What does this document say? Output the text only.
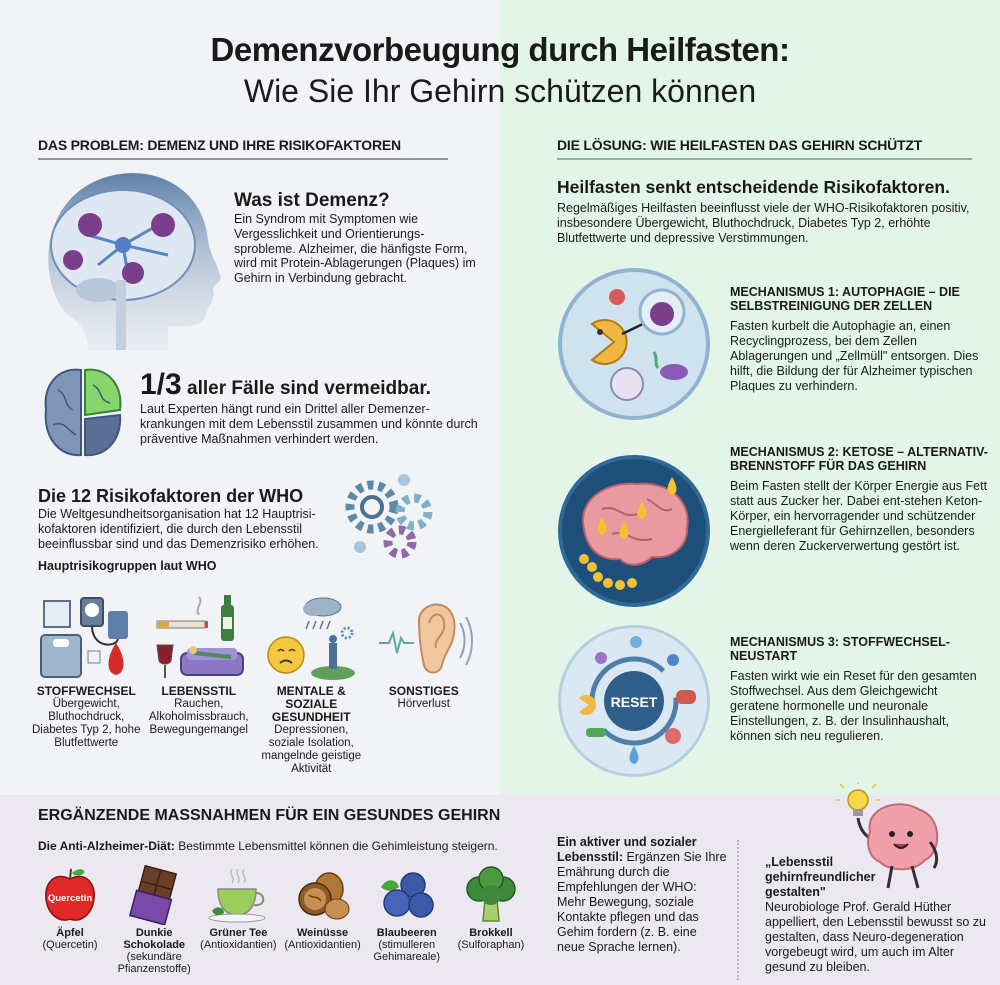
Demenzvorbeugung durch Heilfasten:
Wie Sie Ihr Gehirn schützen können
DAS PROBLEM: DEMENZ UND IHRE RISIKOFAKTOREN	DIE LÖSUNG: WIE HEILFASTEN DAS GEHIRN SCHÜTZT
Was ist Demenz?

Ein Syndrom mit Symptomen wie Vergesslichkeit und Orientierungs-sprobleme. Alzheimer, die hänfigste Form, wird mit Protein-Ablagerungen (Plaques) im Gehirn in Verbindung gebracht.

1/3 aller Fälle sind vermeidbar.

Laut Experten hängt rund ein Drittel aller Demenzer-krankungen mit dem Lebensstil zusammen und könnte durch präventive Maßnahmen verhindert werden.

Die 12 Risikofaktoren der WHO

Die Weltgesundheitsorganisation hat 12 Hauptrisi-kofaktoren identifiziert, die durch den Lebensstil beeinflussbar sind und das Demenzrisiko erhöhen.

Hauptrisikogruppen laut WHO

STOFFWECHSEL
Übergewicht, Bluthochdruck, Diabetes Typ 2, hohe Blutfettwerte
LEBENSSTIL
Rauchen, Alkoholmissbrauch, Bewegungemangel
MENTALE & SOZIALE GESUNDHEIT
Depressionen, soziale Isolation, mangelnde geistige Aktivität
SONSTIGES
Hörverlust
Heilfasten senkt entscheidende Risikofaktoren.

Regelmäßiges Heilfasten beeinflusst viele der WHO-Risikofaktoren positiv, insbesondere Übergewicht, Bluthochdruck, Diabetes Typ 2, erhöhte Blutfettwerte und depressive Verstimmungen.

RESET
MECHANISMUS 1: AUTOPHAGIE – DIE SELBSTREINIGUNG DER ZELLEN
Fasten kurbelt die Autophagie an, einen Recyclingprozess, bei dem Zellen Ablagerungen und „Zellmüll" entsorgen. Dies hilft, die Bildung der für Alzheimer typischen Plaques zu verhindern.
MECHANISMUS 2: KETOSE – ALTERNATIV-BRENNSTOFF FÜR DAS GEHIRN
Beim Fasten stellt der Körper Energie aus Fett statt aus Zucker her. Dabei ent-stehen Keton-Körper, ein hervorragender und schützender Energielleferant für Gehirnzellen, besonders wenn deren Zuckerverwertung gestört ist.
MECHANISMUS 3: STOFFWECHSEL-NEUSTART
Fasten wirkt wie ein Reset für den gesamten Stoffwechsel. Aus dem Gleichgewicht geratene hormonelle und neuronale Einstellungen, z. B. der Insulinhaushalt, können sich neu regulieren.
ERGÄNZENDE MASSNAHMEN FÜR EIN GESUNDES GEHIRN
Die Anti-Alzheimer-Diät: Bestimmte Lebensmittel können die Gehimleistung steigern.
Quercetin
Äpfel
(Quercetin)
Dunkie Schokolade
(sekundäre Pfianzenstoffe)
Grüner Tee
(Antioxidantien)
Weinüsse
(Antioxidantien)
Blaubeeren
(stimulleren Gehimareale)
Brokkell
(Sulforaphan)
Ein aktiver und sozialer Lebensstil: Ergänzen Sie Ihre Emährung durch die Empfehlungen der WHO: Mehr Bewegung, soziale Kontakte pflegen und das Gehim fordern (z. B. eine neue Sprache lernen).
„Lebensstil gehirnfreundlicher gestalten"
Neurobiologe Prof. Gerald Hüther appelliert, den Lebensstil bewusst so zu gestalten, dass Neuro-degeneration vorgebeugt wird, um auch im Alter gesund zu bleiben.
